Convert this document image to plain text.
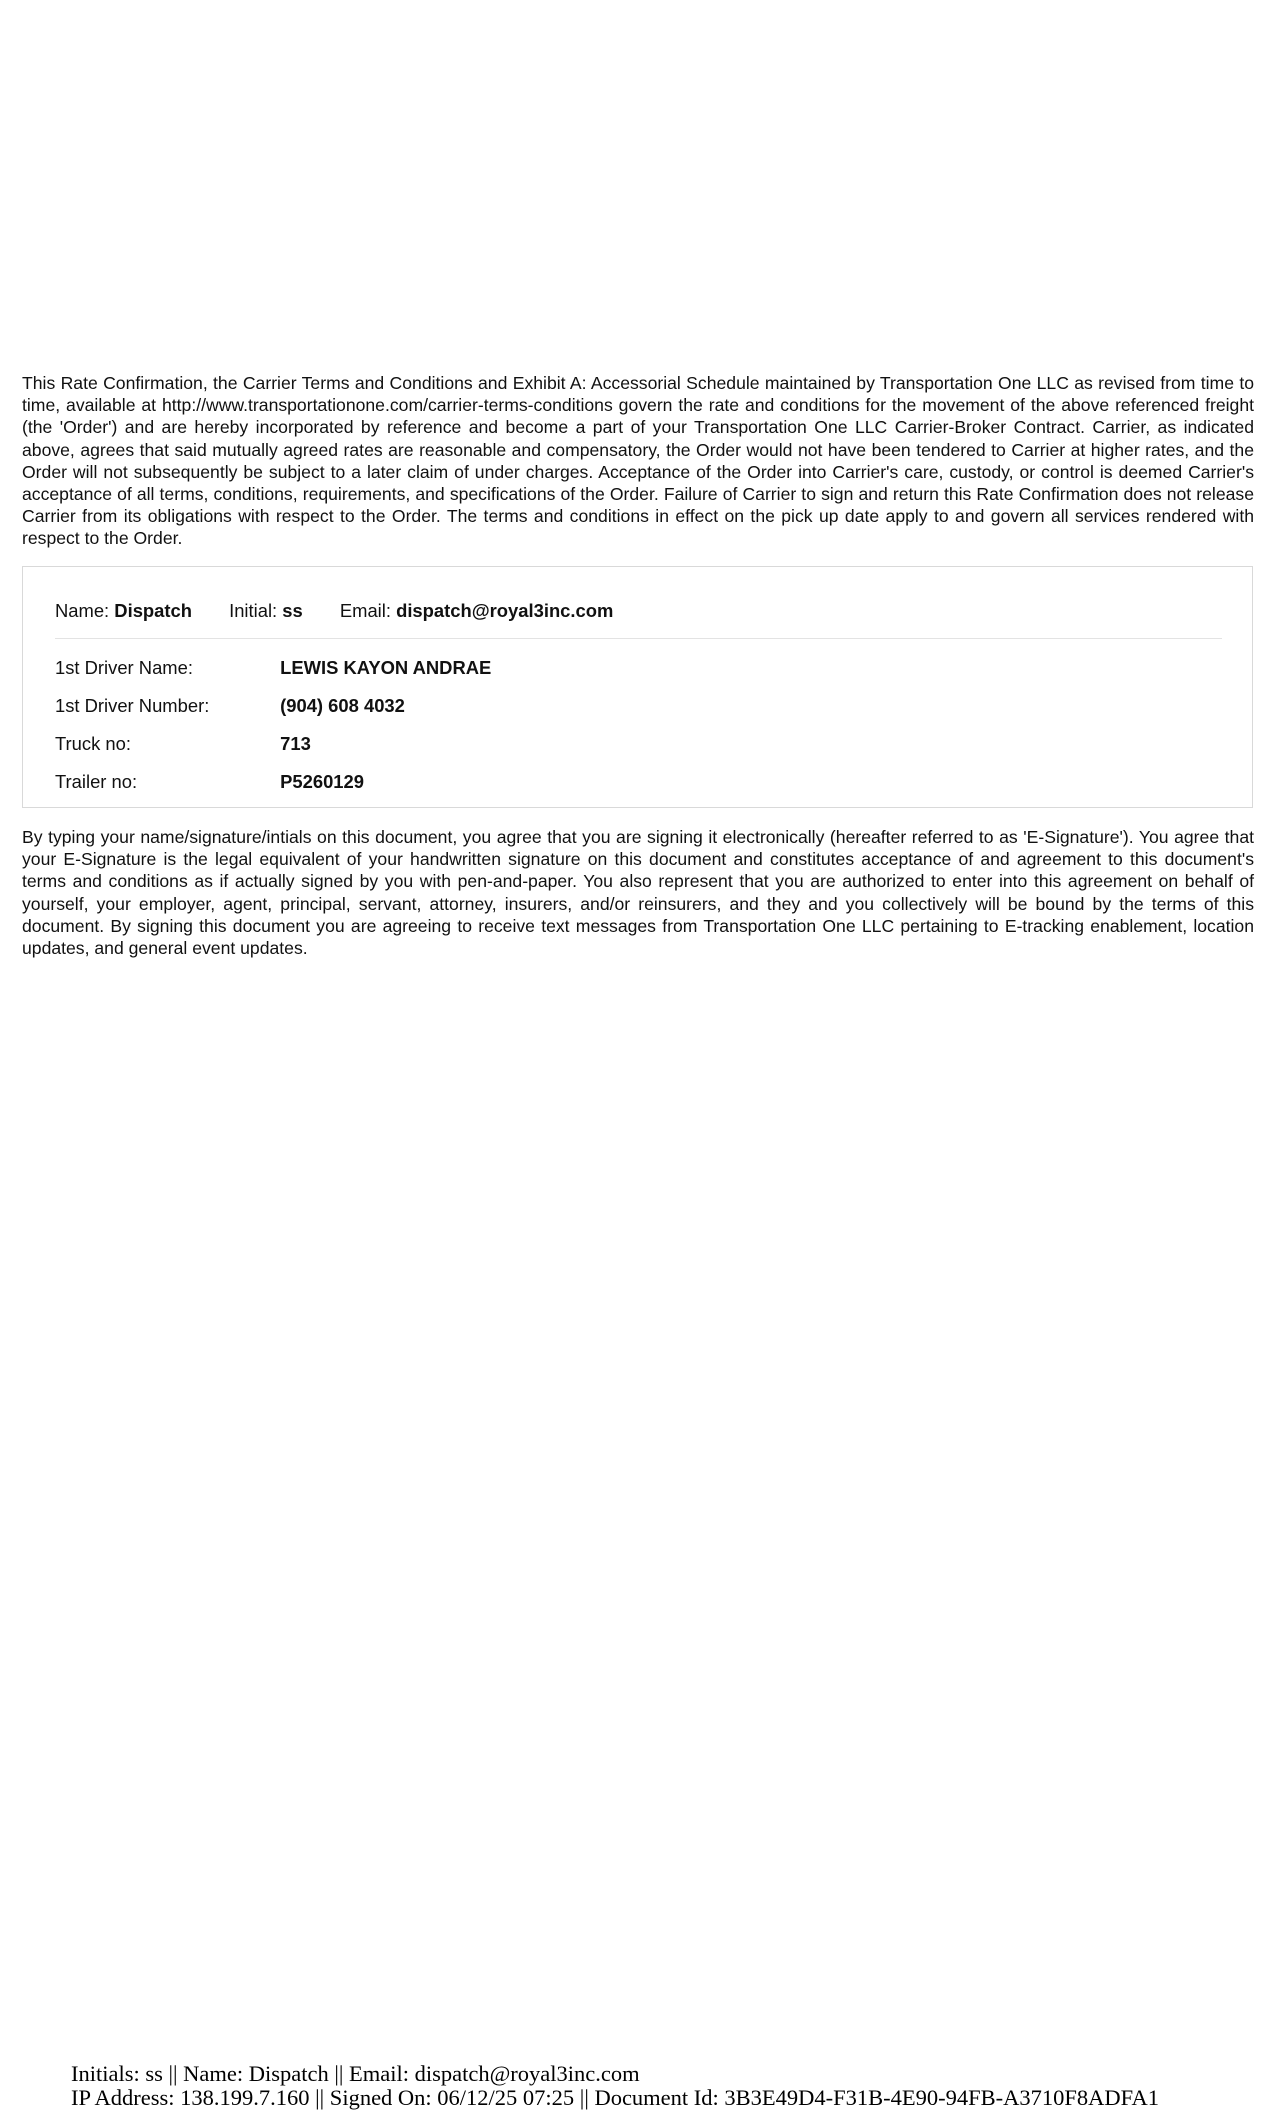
This Rate Confirmation, the Carrier Terms and Conditions and Exhibit A: Accessorial Schedule maintained by Transportation One LLC as revised from time to time, available at http://www.transportationone.com/carrier-terms-conditions govern the rate and conditions for the movement of the above referenced freight (the 'Order') and are hereby incorporated by reference and become a part of your Transportation One LLC Carrier-Broker Contract. Carrier, as indicated above, agrees that said mutually agreed rates are reasonable and compensatory, the Order would not have been tendered to Carrier at higher rates, and the Order will not subsequently be subject to a later claim of under charges. Acceptance of the Order into Carrier's care, custody, or control is deemed Carrier's acceptance of all terms, conditions, requirements, and specifications of the Order. Failure of Carrier to sign and return this Rate Confirmation does not release Carrier from its obligations with respect to the Order. The terms and conditions in effect on the pick up date apply to and govern all services rendered with respect to the Order.

Name: Dispatch Initial: ss Email: dispatch@royal3inc.com
1st Driver Name:	LEWIS KAYON ANDRAE
1st Driver Number:	(904) 608 4032
Truck no:	713
Trailer no:	P5260129

By typing your name/signature/intials on this document, you agree that you are signing it electronically (hereafter referred to as 'E-Signature'). You agree that your E-Signature is the legal equivalent of your handwritten signature on this document and constitutes acceptance of and agreement to this document's terms and conditions as if actually signed by you with pen-and-paper. You also represent that you are authorized to enter into this agreement on behalf of yourself, your employer, agent, principal, servant, attorney, insurers, and/or reinsurers, and they and you collectively will be bound by the terms of this document. By signing this document you are agreeing to receive text messages from Transportation One LLC pertaining to E-tracking enablement, location updates, and general event updates.

Initials: ss || Name: Dispatch || Email: dispatch@royal3inc.com
IP Address: 138.199.7.160 || Signed On: 06/12/25 07:25 || Document Id: 3B3E49D4-F31B-4E90-94FB-A3710F8ADFA1
